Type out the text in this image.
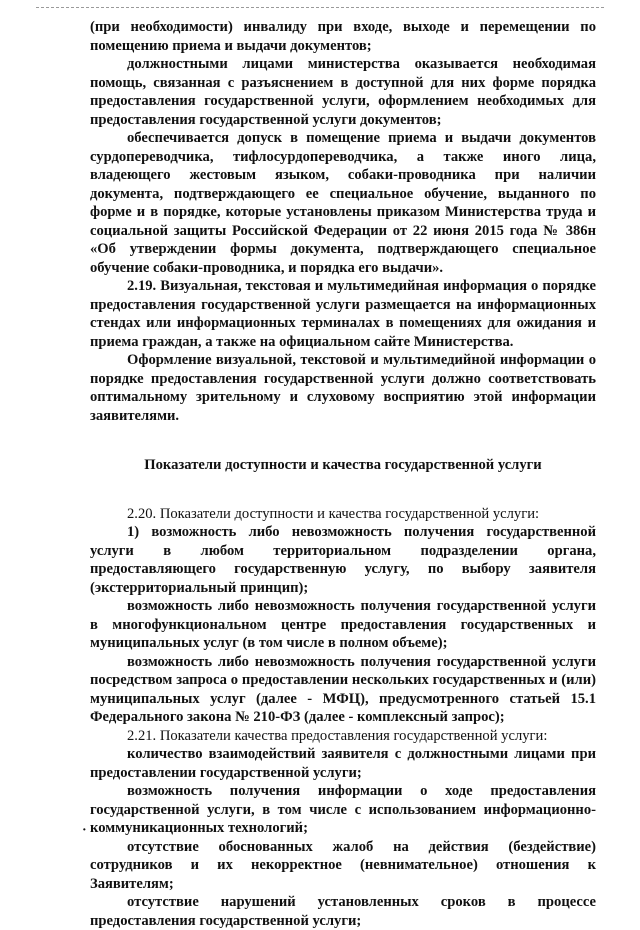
(при необходимости) инвалиду при входе, выходе и перемещении по помещению приема и выдачи документов;

должностными лицами министерства оказывается необходимая помощь, связанная с разъяснением в доступной для них форме порядка предоставления государственной услуги, оформлением необходимых для предоставления государственной услуги документов;

обеспечивается допуск в помещение приема и выдачи документов сурдопереводчика, тифлосурдопереводчика, а также иного лица, владеющего жестовым языком, собаки-проводника при наличии документа, подтверждающего ее специальное обучение, выданного по форме и в порядке, которые установлены приказом Министерства труда и социальной защиты Российской Федерации от 22 июня 2015 года № 386н «Об утверждении формы документа, подтверждающего специальное обучение собаки-проводника, и порядка его выдачи».

2.19. Визуальная, текстовая и мультимедийная информация о порядке предоставления государственной услуги размещается на информационных стендах или информационных терминалах в помещениях для ожидания и приема граждан, а также на официальном сайте Министерства.

Оформление визуальной, текстовой и мультимедийной информации о порядке предоставления государственной услуги должно соответствовать оптимальному зрительному и слуховому восприятию этой информации заявителями.

Показатели доступности и качества государственной услуги

2.20. Показатели доступности и качества государственной услуги:

1) возможность либо невозможность получения государственной услуги в любом территориальном подразделении органа, предоставляющего государственную услугу, по выбору заявителя (экстерриториальный принцип);

возможность либо невозможность получения государственной услуги в многофункциональном центре предоставления государственных и муниципальных услуг (в том числе в полном объеме);

возможность либо невозможность получения государственной услуги посредством запроса о предоставлении нескольких государственных и (или) муниципальных услуг (далее - МФЦ), предусмотренного статьей 15.1 Федерального закона № 210-ФЗ (далее - комплексный запрос);

2.21. Показатели качества предоставления государственной услуги:

количество взаимодействий заявителя с должностными лицами при предоставлении государственной услуги;

возможность получения информации о ходе предоставления государственной услуги, в том числе с использованием информационно-коммуникационных технологий;

отсутствие обоснованных жалоб на действия (бездействие) сотрудников и их некорректное (невнимательное) отношения к Заявителям;

отсутствие нарушений установленных сроков в процессе предоставления государственной услуги;

·
